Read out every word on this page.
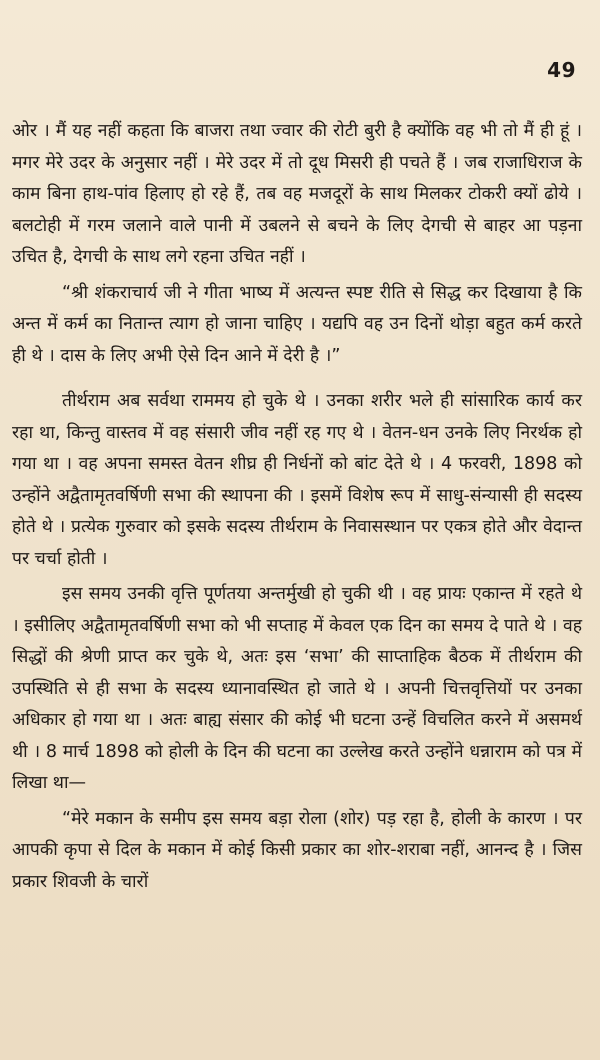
49

ओर । मैं यह नहीं कहता कि बाजरा तथा ज्वार की रोटी बुरी है क्योंकि वह भी तो मैं ही हूं । मगर मेरे उदर के अनुसार नहीं । मेरे उदर में तो दूध मिसरी ही पचते हैं । जब राजाधिराज के काम बिना हाथ-पांव हिलाए हो रहे हैं, तब वह मजदूरों के साथ मिलकर टोकरी क्यों ढोये । बलटोही में गरम जलाने वाले पानी में उबलने से बचने के लिए देगची से बाहर आ पड़ना उचित है, देगची के साथ लगे रहना उचित नहीं ।

“श्री शंकराचार्य जी ने गीता भाष्य में अत्यन्त स्पष्ट रीति से सिद्ध कर दिखाया है कि अन्त में कर्म का नितान्त त्याग हो जाना चाहिए । यद्यपि वह उन दिनों थोड़ा बहुत कर्म करते ही थे । दास के लिए अभी ऐसे दिन आने में देरी है ।”

तीर्थराम अब सर्वथा राममय हो चुके थे । उनका शरीर भले ही सांसारिक कार्य कर रहा था, किन्तु वास्तव में वह संसारी जीव नहीं रह गए थे । वेतन-धन उनके लिए निरर्थक हो गया था । वह अपना समस्त वेतन शीघ्र ही निर्धनों को बांट देते थे । 4 फरवरी, 1898 को उन्होंने अद्वैतामृतवर्षिणी सभा की स्थापना की । इसमें विशेष रूप में साधु-संन्यासी ही सदस्य होते थे । प्रत्येक गुरुवार को इसके सदस्य तीर्थराम के निवासस्थान पर एकत्र होते और वेदान्त पर चर्चा होती ।

इस समय उनकी वृत्ति पूर्णतया अन्तर्मुखी हो चुकी थी । वह प्रायः एकान्त में रहते थे । इसीलिए अद्वैतामृतवर्षिणी सभा को भी सप्ताह में केवल एक दिन का समय दे पाते थे । वह सिद्धों की श्रेणी प्राप्त कर चुके थे, अतः इस ‘सभा’ की साप्ताहिक बैठक में तीर्थराम की उपस्थिति से ही सभा के सदस्य ध्यानावस्थित हो जाते थे । अपनी चित्तवृत्तियों पर उनका अधिकार हो गया था । अतः बाह्य संसार की कोई भी घटना उन्हें विचलित करने में असमर्थ थी । 8 मार्च 1898 को होली के दिन की घटना का उल्लेख करते उन्होंने धन्नाराम को पत्र में लिखा था—

“मेरे मकान के समीप इस समय बड़ा रोला (शोर) पड़ रहा है, होली के कारण । पर आपकी कृपा से दिल के मकान में कोई किसी प्रकार का शोर-शराबा नहीं, आनन्द है । जिस प्रकार शिवजी के चारों
